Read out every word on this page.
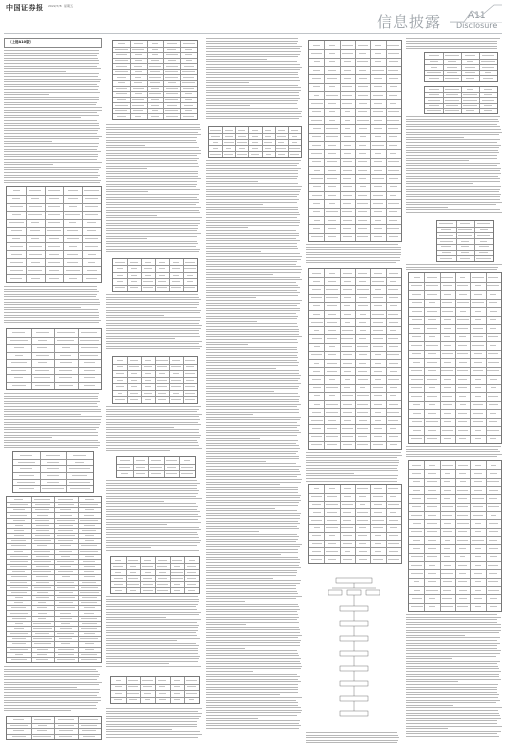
中国证券报 2022/7/8 星期五
信息披露	A11
Disclosure
（上接A10版）
